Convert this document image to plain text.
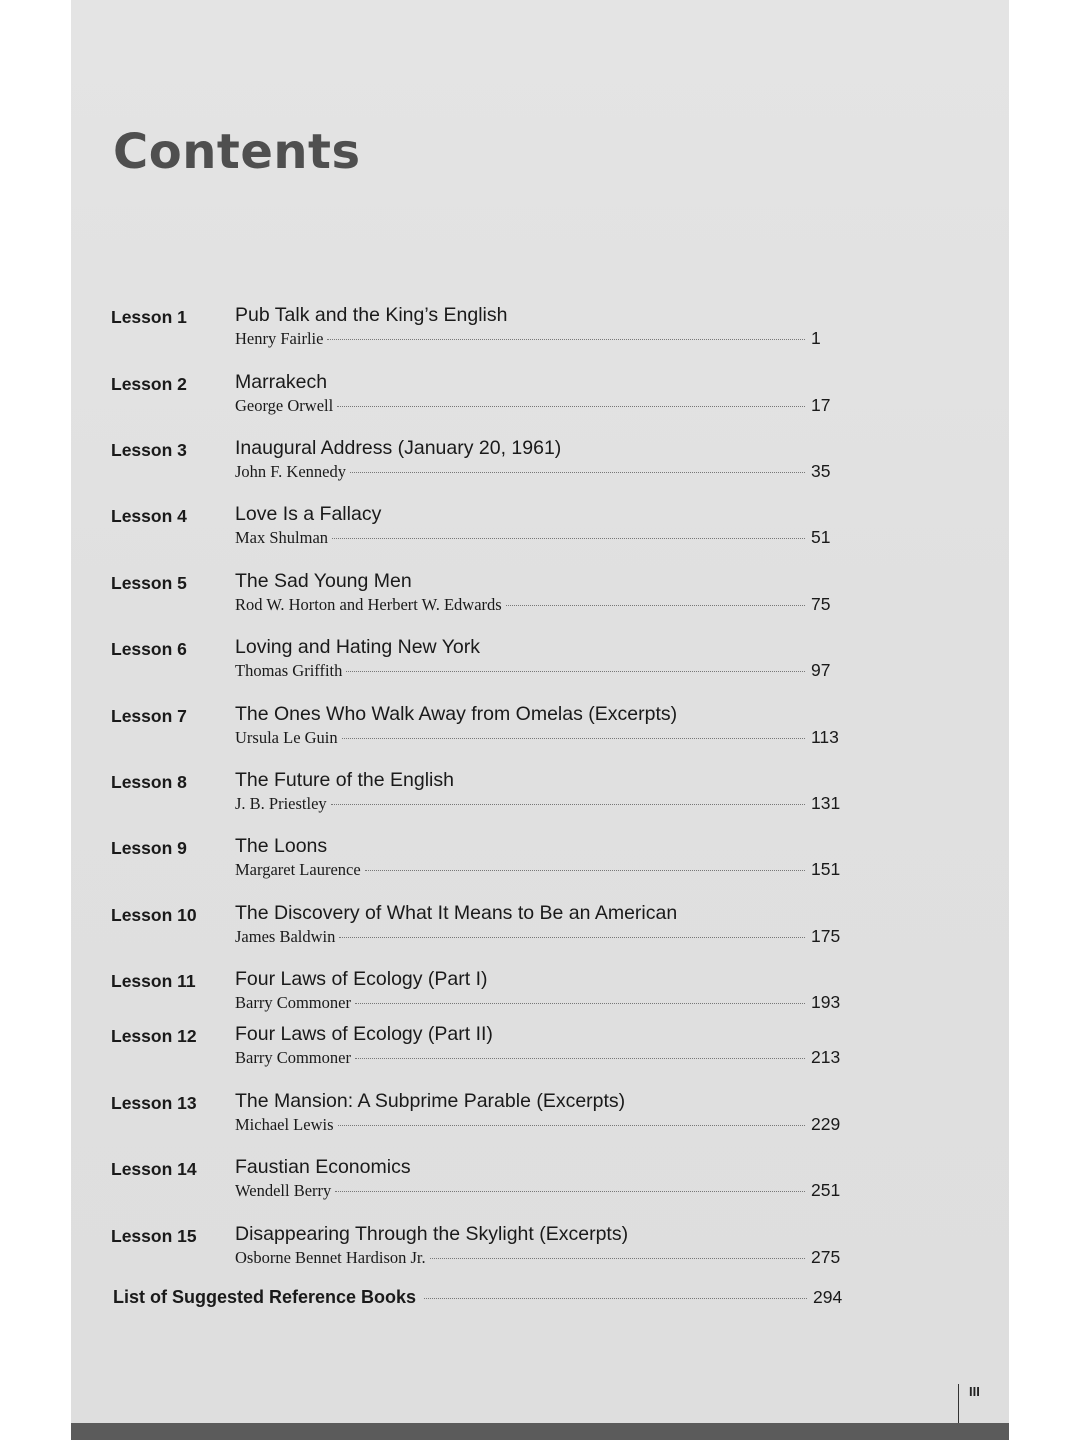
Contents
Lesson 1 Pub Talk and the King’s English
Henry Fairlie	1
Lesson 2 Marrakech
George Orwell	17
Lesson 3 Inaugural Address (January 20, 1961)
John F. Kennedy	35
Lesson 4 Love Is a Fallacy
Max Shulman	51
Lesson 5 The Sad Young Men
Rod W. Horton and Herbert W. Edwards	75
Lesson 6 Loving and Hating New York
Thomas Griffith	97
Lesson 7 The Ones Who Walk Away from Omelas (Excerpts)
Ursula Le Guin	113
Lesson 8 The Future of the English
J. B. Priestley	131
Lesson 9 The Loons
Margaret Laurence	151
Lesson 10 The Discovery of What It Means to Be an American
James Baldwin	175
Lesson 11 Four Laws of Ecology (Part I)
Barry Commoner	193
Lesson 12 Four Laws of Ecology (Part II)
Barry Commoner	213
Lesson 13 The Mansion: A Subprime Parable (Excerpts)
Michael Lewis	229
Lesson 14 Faustian Economics
Wendell Berry	251
Lesson 15 Disappearing Through the Skylight (Excerpts)
Osborne Bennet Hardison Jr.	275
List of Suggested Reference Books	294
III
